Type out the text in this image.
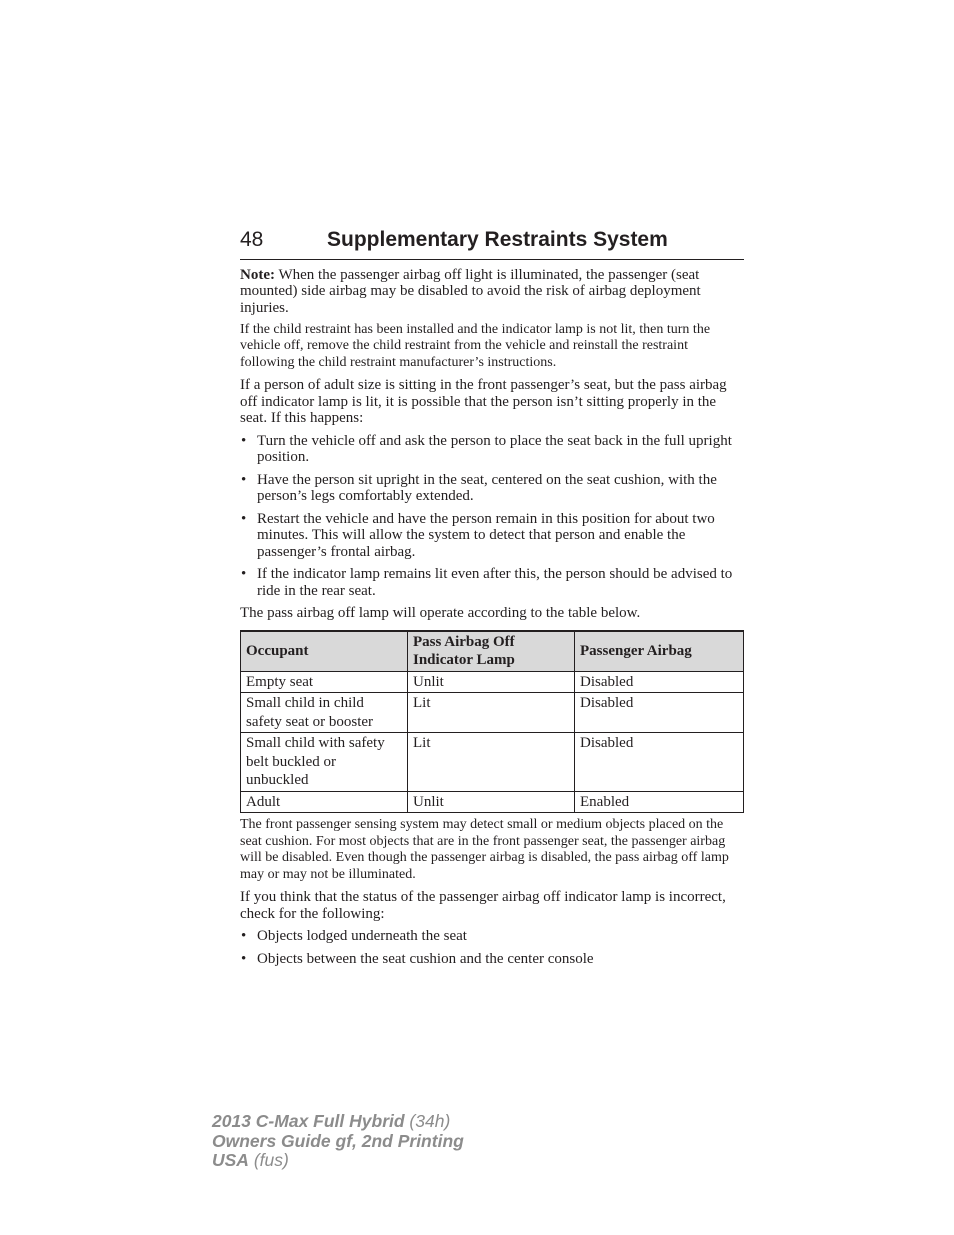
48	Supplementary Restraints System

Note: When the passenger airbag off light is illuminated, the passenger (seat mounted) side airbag may be disabled to avoid the risk of airbag deployment injuries.

If the child restraint has been installed and the indicator lamp is not lit, then turn the vehicle off, remove the child restraint from the vehicle and reinstall the restraint following the child restraint manufacturer’s instructions.

If a person of adult size is sitting in the front passenger’s seat, but the pass airbag off indicator lamp is lit, it is possible that the person isn’t sitting properly in the seat. If this happens:

• Turn the vehicle off and ask the person to place the seat back in the full upright position.
• Have the person sit upright in the seat, centered on the seat cushion, with the person’s legs comfortably extended.
• Restart the vehicle and have the person remain in this position for about two minutes. This will allow the system to detect that person and enable the passenger’s frontal airbag.
• If the indicator lamp remains lit even after this, the person should be advised to ride in the rear seat.

The pass airbag off lamp will operate according to the table below.

Occupant	Pass Airbag Off Indicator Lamp	Passenger Airbag
Empty seat	Unlit	Disabled
Small child in child safety seat or booster	Lit	Disabled
Small child with safety belt buckled or unbuckled	Lit	Disabled
Adult	Unlit	Enabled

The front passenger sensing system may detect small or medium objects placed on the seat cushion. For most objects that are in the front passenger seat, the passenger airbag will be disabled. Even though the passenger airbag is disabled, the pass airbag off lamp may or may not be illuminated.

If you think that the status of the passenger airbag off indicator lamp is incorrect, check for the following:

• Objects lodged underneath the seat
• Objects between the seat cushion and the center console
2013 C-Max Full Hybrid (34h)
Owners Guide gf, 2nd Printing
USA (fus)
